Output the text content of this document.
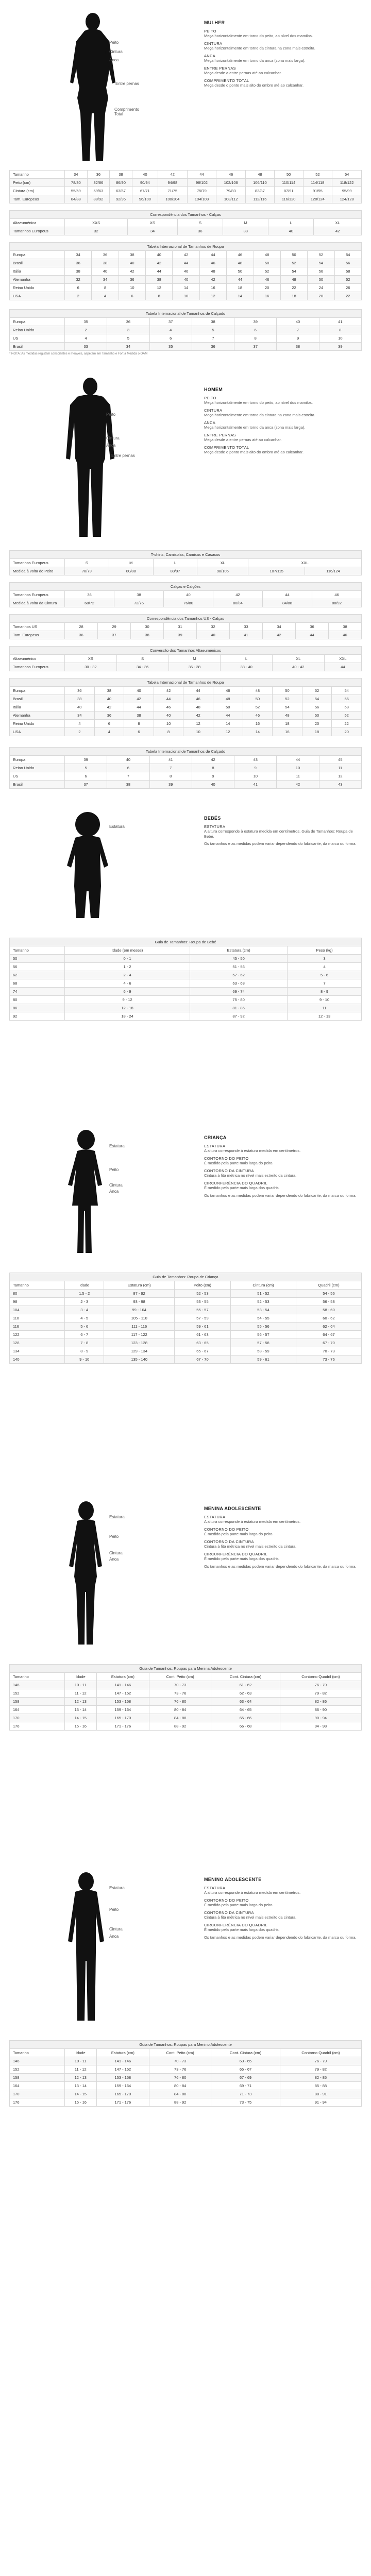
Peito
Cintura
Anca
Entre pernas
Comprimento Total
MULHER
PEITO
Meça horizontalmente em torno do peito, ao nível dos mamilos.
CINTURA
Meça horizontalmente em torno da cintura na zona mais estreita.
ANCA
Meça horizontalmente em torno da anca (zona mais larga).
ENTRE PERNAS
Meça desde a entre pernas até ao calcanhar.
COMPRIMENTO TOTAL
Meça desde o ponto mais alto do ombro até ao calcanhar.
Tamanho	34	36	38	40	42	44	46	48	50	52	54
Peito (cm)	78/80	82/86	86/90	90/94	94/98	98/102	102/106	106/110	110/114	114/118	118/122
Cintura (cm)	55/59	59/63	63/67	67/71	71/75	75/79	79/83	83/87	87/91	91/95	95/99
Tam. Europeus	84/88	88/92	92/96	96/100	100/104	104/108	108/112	112/116	116/120	120/124	124/128
Correspondência dos Tamanhos - Calças						
Altaeuménica	XXS	XS	S	M	L	XL
Tamanhos Europeus	32	34	36	38	40	42
Tabela Internacional de Tamanhos de Roupa											
Europa	34	36	38	40	42	44	46	48	50	52	54
Brasil	36	38	40	42	44	46	48	50	52	54	56
Itália	38	40	42	44	46	48	50	52	54	56	58
Alemanha	32	34	36	38	40	42	44	46	48	50	52
Reino Unido	6	8	10	12	14	16	18	20	22	24	26
USA	2	4	6	8	10	12	14	16	18	20	22
Tabela Internacional de Tamanhos de Calçado							
Europa	35	36	37	38	39	40	41
Reino Unido	2	3	4	5	6	7	8
US	4	5	6	7	8	9	10
Brasil	33	34	35	36	37	38	39
* NOTA: As medidas registam conscientes e meáveis, aspetam em Tamanho e Fort a Medida o OAM
Peito
Cintura
Anca
Entre pernas
HOMEM
PEITO
Meça horizontalmente em torno do peito, ao nível dos mamilos.
CINTURA
Meça horizontalmente em torno da cintura na zona mais estreita.
ANCA
Meça horizontalmente em torno da anca (zona mais larga).
ENTRE PERNAS
Meça desde a entre pernas até ao calcanhar.
COMPRIMENTO TOTAL
Meça desde o ponto mais alto do ombro até ao calcanhar.
T-shirts, Camisolas, Camisas e Casacos						
Tamanhos Europeus	S	M	L	XL	XXL	
Medida à volta do Peito	78/79	80/88	88/97	98/106	107/115	116/124
Calças e Calções						
Tamanhos Europeus	36	38	40	42	44	46
Medida à volta da Cintura	68/72	72/76	76/80	80/84	84/88	88/92
Correspondência dos Tamanhos US - Calças									
Tamanhos US	28	29	30	31	32	33	34	36	38
Tam. Europeus	36	37	38	39	40	41	42	44	46
Conversão dos Tamanhos Altaeuménicos						
Altaeuménico	XS	S	M	L	XL	XXL
Tamanhos Europeus	30 - 32	34 - 36	36 - 38	38 - 40	40 - 42	44
Tabela Internacional de Tamanhos de Roupa										
Europa	36	38	40	42	44	46	48	50	52	54
Brasil	38	40	42	44	46	48	50	52	54	56
Itália	40	42	44	46	48	50	52	54	56	58
Alemanha	34	36	38	40	42	44	46	48	50	52
Reino Unido	4	6	8	10	12	14	16	18	20	22
USA	2	4	6	8	10	12	14	16	18	20
Tabela Internacional de Tamanhos de Calçado							
Europa	39	40	41	42	43	44	45
Reino Unido	5	6	7	8	9	10	11
US	6	7	8	9	10	11	12
Brasil	37	38	39	40	41	42	43
Estatura
BEBÉS
ESTATURA
A altura corresponde à estatura medida em centímetros. Guia de Tamanhos: Roupa de Bebé.
Os tamanhos e as medidas podem variar dependendo do fabricante, da marca ou forma.
Guia de Tamanhos: Roupa de Bebé			
Tamanho	Idade (em meses)	Estatura (cm)	Peso (kg)
50	0 - 1	45 - 50	3
56	1 - 2	51 - 56	4
62	2 - 4	57 - 62	5 - 6
68	4 - 6	63 - 68	7
74	6 - 9	69 - 74	8 - 9
80	9 - 12	75 - 80	9 - 10
86	12 - 18	81 - 86	11
92	18 - 24	87 - 92	12 - 13
Estatura
Peito
Cintura
Anca
CRIANÇA
ESTATURA
A altura corresponde à estatura medida em centímetros.
CONTORNO DO PEITO
É medido pela parte mais larga do peito.
CONTORNO DA CINTURA
Cintura à fita métrica no nível mais estreito da cintura.
CIRCUNFERÊNCIA DO QUADRIL
É medido pela parte mais larga dos quadris.
Os tamanhos e as medidas podem variar dependendo do fabricante, da marca ou forma.
Guia de Tamanhos: Roupa de Criança					
Tamanho	Idade	Estatura (cm)	Peito (cm)	Cintura (cm)	Quadril (cm)
80	1,5 - 2	87 - 92	52 - 53	51 - 52	54 - 56
98	2 - 3	93 - 98	53 - 55	52 - 53	56 - 58
104	3 - 4	99 - 104	55 - 57	53 - 54	58 - 60
110	4 - 5	105 - 110	57 - 59	54 - 55	60 - 62
116	5 - 6	111 - 116	59 - 61	55 - 56	62 - 64
122	6 - 7	117 - 122	61 - 63	56 - 57	64 - 67
128	7 - 8	123 - 128	63 - 65	57 - 58	67 - 70
134	8 - 9	129 - 134	65 - 67	58 - 59	70 - 73
140	9 - 10	135 - 140	67 - 70	59 - 61	73 - 76
Estatura
Peito
Cintura
Anca
MENINA ADOLESCENTE
ESTATURA
A altura corresponde à estatura medida em centímetros.
CONTORNO DO PEITO
É medido pela parte mais larga do peito.
CONTORNO DA CINTURA
Cintura à fita métrica no nível mais estreito da cintura.
CIRCUNFERÊNCIA DO QUADRIL
É medido pela parte mais larga dos quadris.
Os tamanhos e as medidas podem variar dependendo do fabricante, da marca ou forma.
Guia de Tamanhos: Roupas para Menina Adolescente					
Tamanho	Idade	Estatura (cm)	Cont. Peito (cm)	Cont. Cintura (cm)	Contorno Quadril (cm)
146	10 - 11	141 - 146	70 - 73	61 - 62	76 - 79
152	11 - 12	147 - 152	73 - 76	62 - 63	79 - 82
158	12 - 13	153 - 158	76 - 80	63 - 64	82 - 86
164	13 - 14	159 - 164	80 - 84	64 - 65	86 - 90
170	14 - 15	165 - 170	84 - 88	65 - 66	90 - 94
176	15 - 16	171 - 176	88 - 92	66 - 68	94 - 98
Estatura
Peito
Cintura
Anca
MENINO ADOLESCENTE
ESTATURA
A altura corresponde à estatura medida em centímetros.
CONTORNO DO PEITO
É medido pela parte mais larga do peito.
CONTORNO DA CINTURA
Cintura à fita métrica no nível mais estreito da cintura.
CIRCUNFERÊNCIA DO QUADRIL
É medido pela parte mais larga dos quadris.
Os tamanhos e as medidas podem variar dependendo do fabricante, da marca ou forma.
Guia de Tamanhos: Roupas para Menino Adolescente					
Tamanho	Idade	Estatura (cm)	Cont. Peito (cm)	Cont. Cintura (cm)	Contorno Quadril (cm)
146	10 - 11	141 - 146	70 - 73	63 - 65	76 - 79
152	11 - 12	147 - 152	73 - 76	65 - 67	79 - 82
158	12 - 13	153 - 158	76 - 80	67 - 69	82 - 85
164	13 - 14	159 - 164	80 - 84	69 - 71	85 - 88
170	14 - 15	165 - 170	84 - 88	71 - 73	88 - 91
176	15 - 16	171 - 176	88 - 92	73 - 75	91 - 94
